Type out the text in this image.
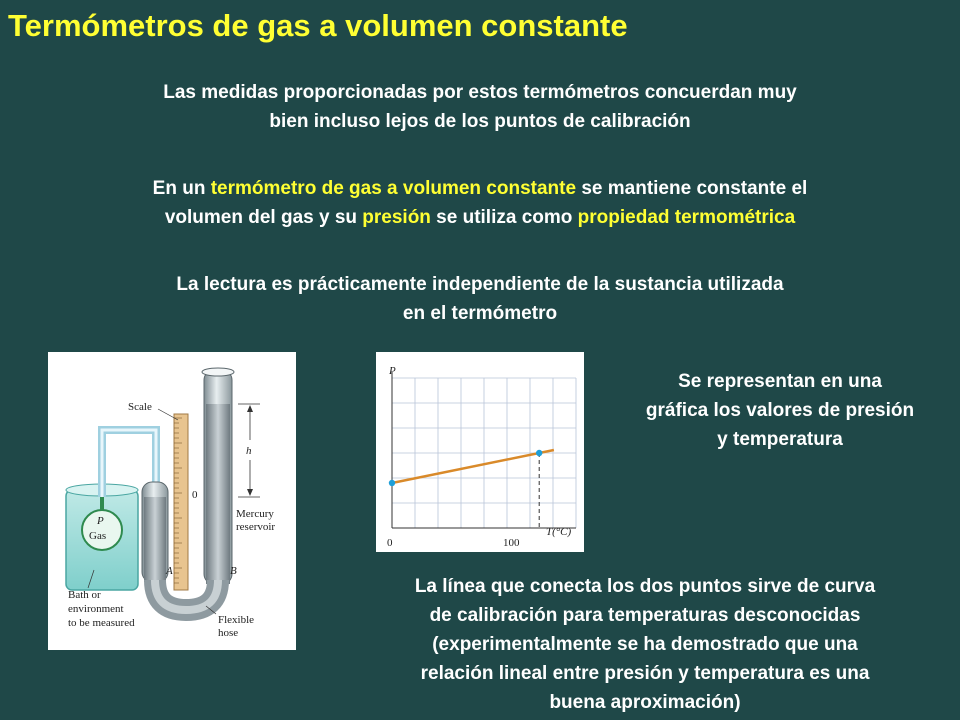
Termómetros de gas a volumen constante
Las medidas proporcionadas por estos termómetros concuerdan muy
bien incluso lejos de los puntos de calibración
En un termómetro de gas a volumen constante se mantiene constante el
volumen del gas y su presión se utiliza como propiedad termométrica
La lectura es prácticamente independiente de la sustancia utilizada
en el termómetro
P
Gas
h
Scale
0
Mercury
reservoir
A	B
Bath or
environment
to be measured	Flexible
hose
P
T(°C)
0	100
Se representan en una
gráfica los valores de presión
y temperatura
La línea que conecta los dos puntos sirve de curva
de calibración para temperaturas desconocidas
(experimentalmente se ha demostrado que una
relación lineal entre presión y temperatura es una
buena aproximación)
